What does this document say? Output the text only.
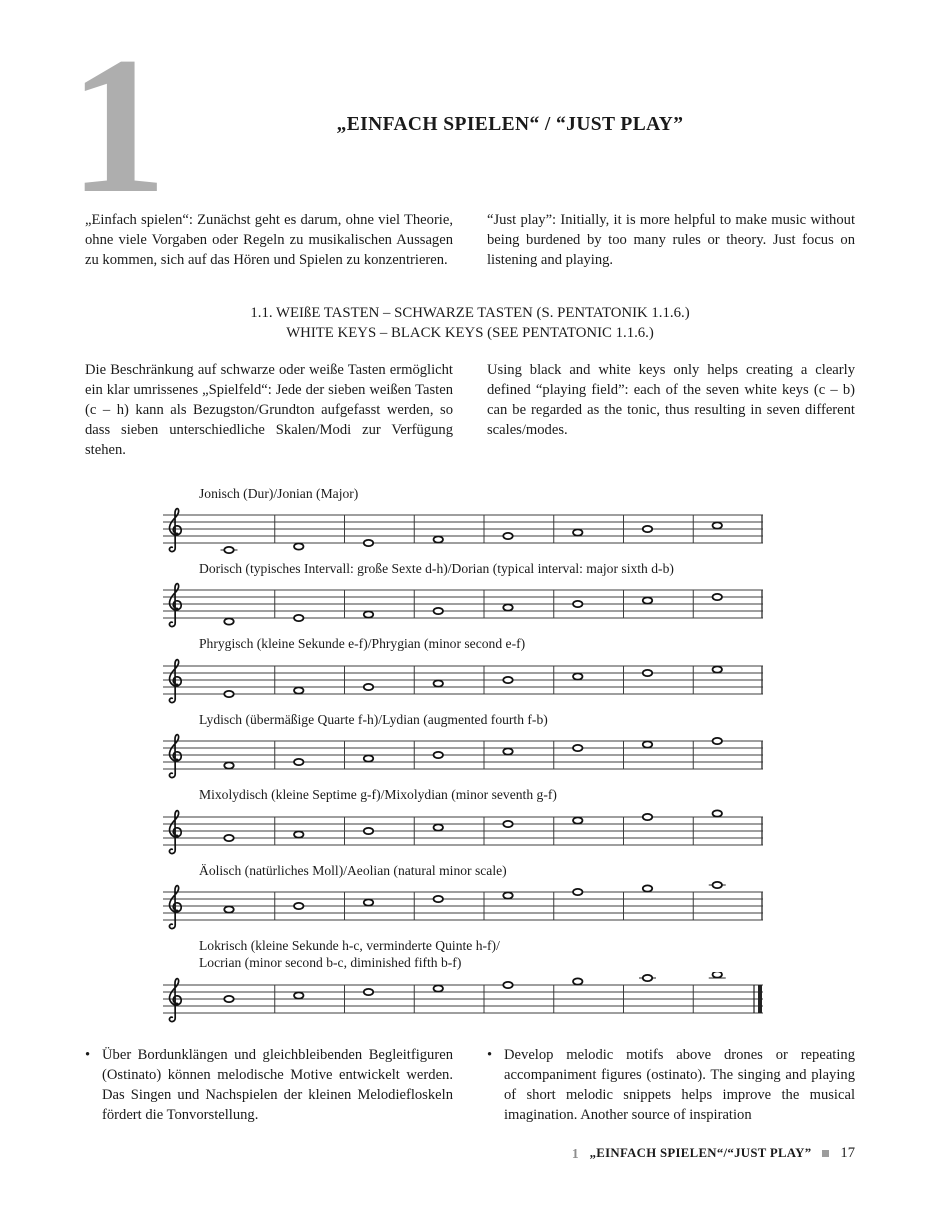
1	„EINFACH SPIELEN“ / “JUST PLAY”

„Einfach spielen“: Zunächst geht es darum, ohne viel Theorie, ohne viele Vorgaben oder Regeln zu musikalischen Aussagen zu kommen, sich auf das Hören und Spielen zu konzentrieren.

“Just play”: Initially, it is more helpful to make music without being burdened by too many rules or theory. Just focus on listening and playing.

1.1. WEIßE TASTEN – SCHWARZE TASTEN (S. PENTATONIK 1.1.6.)
WHITE KEYS – BLACK KEYS (SEE PENTATONIC 1.1.6.)

Die Beschränkung auf schwarze oder weiße Tasten ermöglicht ein klar umrissenes „Spielfeld“: Jede der sieben weißen Tasten (c – h) kann als Bezugston/Grundton aufgefasst werden, so dass sieben unterschiedliche Skalen/Modi zur Verfügung stehen.

Using black and white keys only helps creating a clearly defined “playing field”: each of the seven white keys (c – b) can be regarded as the tonic, thus resulting in seven different scales/modes.

Jonisch (Dur)/Jonian (Major)
Dorisch (typisches Intervall: große Sexte d-h)/Dorian (typical interval: major sixth d-b)
Phrygisch (kleine Sekunde e-f)/Phrygian (minor second e-f)
Lydisch (übermäßige Quarte f-h)/Lydian (augmented fourth f-b)
Mixolydisch (kleine Septime g-f)/Mixolydian (minor seventh g-f)
Äolisch (natürliches Moll)/Aeolian (natural minor scale)
Lokrisch (kleine Sekunde h-c, verminderte Quinte h-f)/
Locrian (minor second b-c, diminished fifth b-f)
• Über Bordunklängen und gleichbleibenden Begleitfiguren (Ostinato) können melodische Motive entwickelt werden. Das Singen und Nachspielen der kleinen Melodiefloskeln fördert die Tonvorstellung.

• Develop melodic motifs above drones or repeating accompaniment figures (ostinato). The singing and playing of short melodic snippets helps improve the musical imagination. Another source of inspiration

1 „EINFACH SPIELEN“/“JUST PLAY” 17
